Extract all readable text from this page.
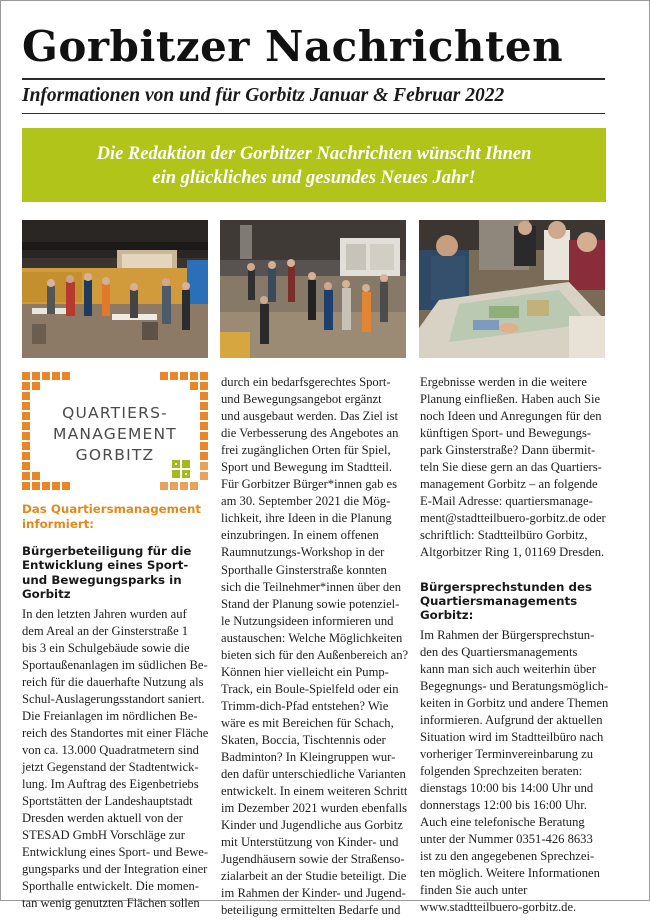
Gorbitzer Nachrichten
Informationen von und für Gorbitz Januar & Februar 2022
Die Redaktion der Gorbitzer Nachrichten wünscht Ihnen
ein glückliches und gesundes Neues Jahr!
QUARTIERS-
MANAGEMENT
GORBITZ

Das Quartiersmanagement

informiert:

Bürgerbeteiligung für die

Entwicklung eines Sport-

und Bewegungsparks in

Gorbitz

In den letzten Jahren wurden auf

dem Areal an der Ginsterstraße 1

bis 3 ein Schulgebäude sowie die

Sportaußenanlagen im südlichen Be-

reich für die dauerhafte Nutzung als

Schul-Auslagerungsstandort saniert.

Die Freianlagen im nördlichen Be-

reich des Standortes mit einer Fläche

von ca. 13.000 Quadratmetern sind

jetzt Gegenstand der Stadtentwick-

lung. Im Auftrag des Eigenbetriebs

Sportstätten der Landeshauptstadt

Dresden werden aktuell von der

STESAD GmbH Vorschläge zur

Entwicklung eines Sport- und Bewe-

gungsparks und der Integration einer

Sporthalle entwickelt. Die momen-

tan wenig genutzten Flächen sollen

durch ein bedarfsgerechtes Sport-

und Bewegungsangebot ergänzt

und ausgebaut werden. Das Ziel ist

die Verbesserung des Angebotes an

frei zugänglichen Orten für Spiel,

Sport und Bewegung im Stadtteil.

Für Gorbitzer Bürger*innen gab es

am 30. September 2021 die Mög-

lichkeit, ihre Ideen in die Planung

einzubringen. In einem offenen

Raumnutzungs-Workshop in der

Sporthalle Ginsterstraße konnten

sich die Teilnehmer*innen über den

Stand der Planung sowie potenziel-

le Nutzungsideen informieren und

austauschen: Welche Möglichkeiten

bieten sich für den Außenbereich an?

Können hier vielleicht ein Pump-

Track, ein Boule-Spielfeld oder ein

Trimm-dich-Pfad entstehen? Wie

wäre es mit Bereichen für Schach,

Skaten, Boccia, Tischtennis oder

Badminton? In Kleingruppen wur-

den dafür unterschiedliche Varianten

entwickelt. In einem weiteren Schritt

im Dezember 2021 wurden ebenfalls

Kinder und Jugendliche aus Gorbitz

mit Unterstützung von Kinder- und

Jugendhäusern sowie der Straßenso-

zialarbeit an der Studie beteiligt. Die

im Rahmen der Kinder- und Jugend-

beteiligung ermittelten Bedarfe und

Ergebnisse werden in die weitere

Planung einfließen. Haben auch Sie

noch Ideen und Anregungen für den

künftigen Sport- und Bewegungs-

park Ginsterstraße? Dann übermit-

teln Sie diese gern an das Quartiers-

management Gorbitz – an folgende

E-Mail Adresse: quartiersmanage-

ment@stadtteilbuero-gorbitz.de oder

schriftlich: Stadtteilbüro Gorbitz,

Altgorbitzer Ring 1, 01169 Dresden.

Bürgersprechstunden des

Quartiersmanagements

Gorbitz:

Im Rahmen der Bürgersprechstun-

den des Quartiersmanagements

kann man sich auch weiterhin über

Begegnungs- und Beratungsmöglich-

keiten in Gorbitz und andere Themen

informieren. Aufgrund der aktuellen

Situation wird im Stadtteilbüro nach

vorheriger Terminvereinbarung zu

folgenden Sprechzeiten beraten:

dienstags 10:00 bis 14:00 Uhr und

donnerstags 12:00 bis 16:00 Uhr.

Auch eine telefonische Beratung

unter der Nummer 0351-426 8633

ist zu den angegebenen Sprechzei-

ten möglich. Weitere Informationen

finden Sie auch unter

www.stadtteilbuero-gorbitz.de.
